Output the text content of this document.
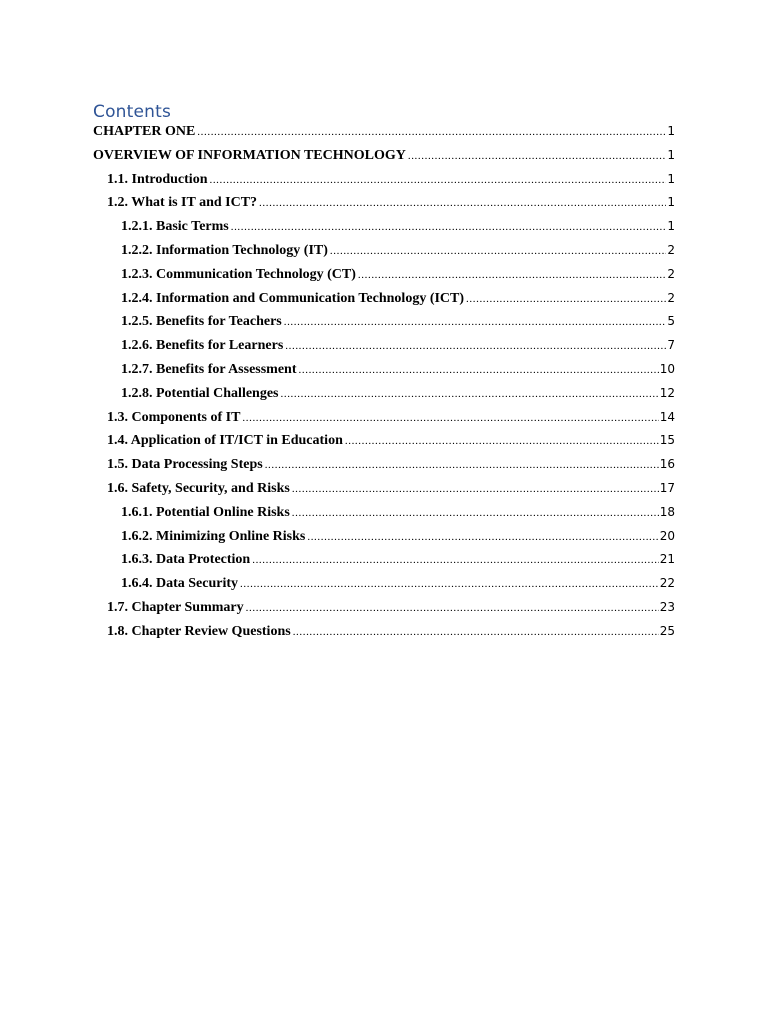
Contents
CHAPTER ONE .....	1
OVERVIEW OF INFORMATION TECHNOLOGY .....	1
1.1. Introduction .....	1
1.2. What is IT and ICT? .....	1
1.2.1. Basic Terms .....	1
1.2.2. Information Technology (IT) .....	2
1.2.3. Communication Technology (CT) .....	2
1.2.4. Information and Communication Technology (ICT) .....	2
1.2.5. Benefits for Teachers .....	5
1.2.6. Benefits for Learners .....	7
1.2.7. Benefits for Assessment .....	10
1.2.8. Potential Challenges .....	12
1.3. Components of IT .....	14
1.4. Application of IT/ICT in Education .....	15
1.5. Data Processing Steps .....	16
1.6. Safety, Security, and Risks .....	17
1.6.1. Potential Online Risks .....	18
1.6.2. Minimizing Online Risks .....	20
1.6.3. Data Protection .....	21
1.6.4. Data Security .....	22
1.7. Chapter Summary .....	23
1.8. Chapter Review Questions .....	25
